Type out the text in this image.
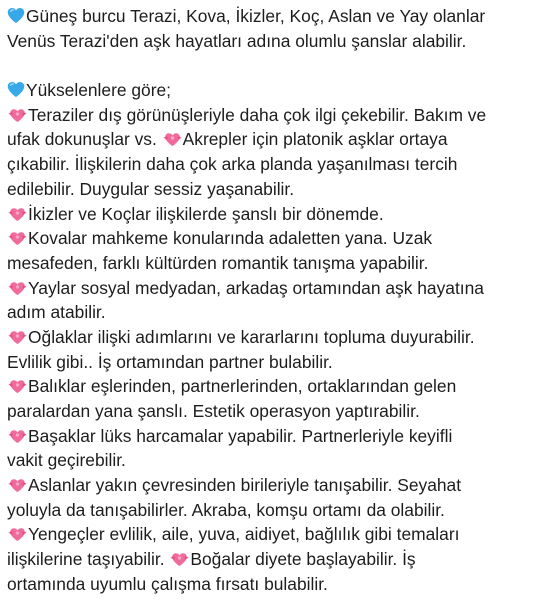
Güneş burcu Terazi, Kova, İkizler, Koç, Aslan ve Yay olanlar
Venüs Terazi'den aşk hayatları adına olumlu şanslar alabilir.
Yükselenlere göre;
Teraziler dış görünüşleriyle daha çok ilgi çekebilir. Bakım ve
ufak dokunuşlar vs. Akrepler için platonik aşklar ortaya
çıkabilir. İlişkilerin daha çok arka planda yaşanılması tercih
edilebilir. Duygular sessiz yaşanabilir.
İkizler ve Koçlar ilişkilerde şanslı bir dönemde.
Kovalar mahkeme konularında adaletten yana. Uzak
mesafeden, farklı kültürden romantik tanışma yapabilir.
Yaylar sosyal medyadan, arkadaş ortamından aşk hayatına
adım atabilir.
Oğlaklar ilişki adımlarını ve kararlarını topluma duyurabilir.
Evlilik gibi.. İş ortamından partner bulabilir.
Balıklar eşlerinden, partnerlerinden, ortaklarından gelen
paralardan yana şanslı. Estetik operasyon yaptırabilir.
Başaklar lüks harcamalar yapabilir. Partnerleriyle keyifli
vakit geçirebilir.
Aslanlar yakın çevresinden birileriyle tanışabilir. Seyahat
yoluyla da tanışabilirler. Akraba, komşu ortamı da olabilir.
Yengeçler evlilik, aile, yuva, aidiyet, bağlılık gibi temaları
ilişkilerine taşıyabilir. Boğalar diyete başlayabilir. İş
ortamında uyumlu çalışma fırsatı bulabilir.
